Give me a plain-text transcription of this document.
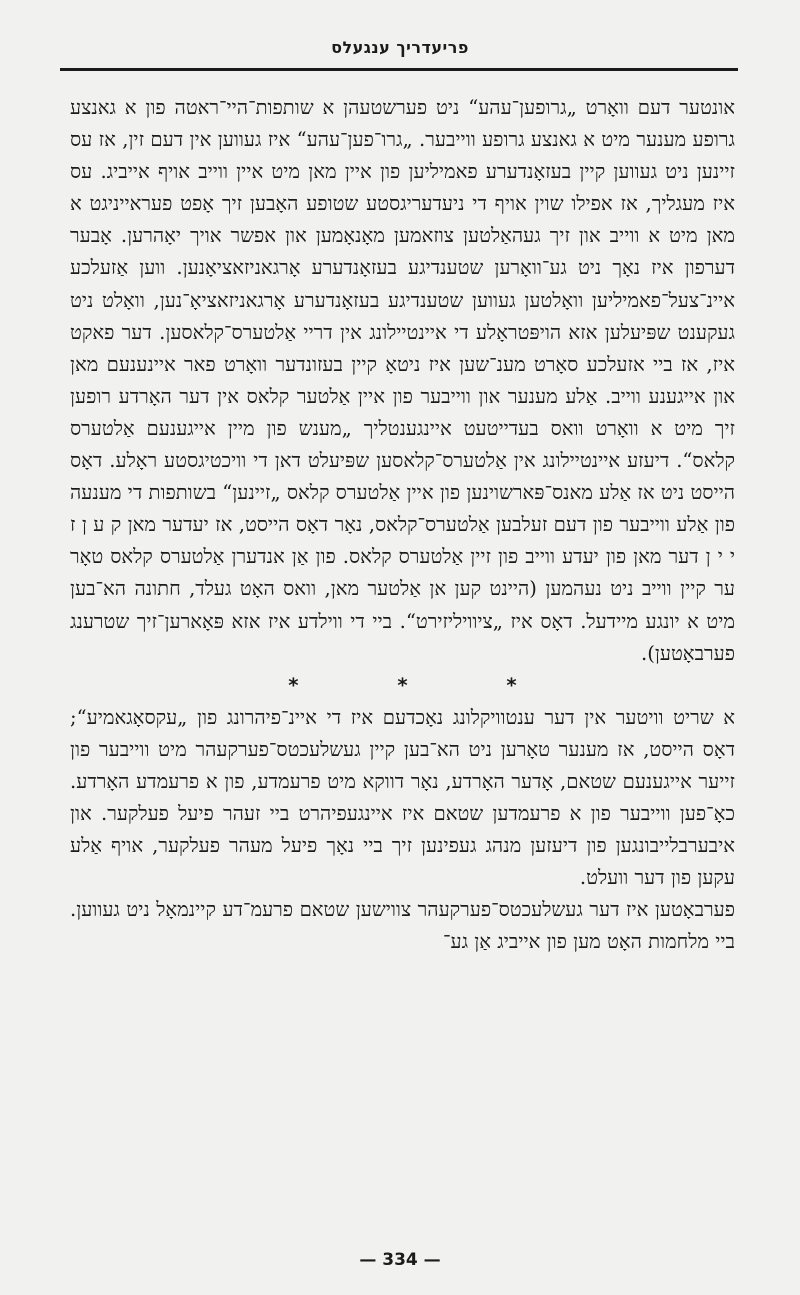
פריעדריך ענגעלס

אונטער דעם וואָרט „גרופען־עהע“ ניט פערשטעהן א שותפות־היי־ראטה פון א גאנצע גרופע מענער מיט א גאנצע גרופע ווייבער. „גרו־פען־עהע“ איז געווען אין דעם זין, אז עס זיינען ניט געווען קיין בעזאָנדערע פאמיליען פון איין מאן מיט איין ווייב אויף אייביג. עס איז מעגליך, אז אפילו שוין אויף די ניעדעריגסטע שטופע האָבען זיך אָפט פעראייניגט א מאן מיט א ווייב און זיך געהאַלטען צוזאמען מאָנאָמען און אפשר אויך יאָהרען. אָבער דערפון איז נאָך ניט גע־וואָרען שטענדיגע בעזאָנדערע אָרגאניזאציאָנען. ווען אַזעלכע איינ־צעל־פאמיליען וואָלטען געווען שטענדיגע בעזאָנדערע אָרגאניזאציאָ־נען, וואָלט ניט געקענט שפּיעלען אזא הויפּטראָלע די איינטיילונג אין דריי אַלטערס־קלאסען. דער פאקט איז, אז ביי אזעלכע סאָרט מענ־שען איז ניטאָ קיין בעזונדער וואָרט פאר איינענעם מאן און אייגענע ווייב. אַלע מענער און ווייבער פון איין אַלטער קלאס אין דער האָרדע רופען זיך מיט א וואָרט וואס בעדייטעט איינגענטליך „מענש פון מיין אייגענעם אַלטערס קלאס“. דיעזע איינטיילונג אין אַלטערס־קלאסען שפּיעלט דאן די וויכטיגסטע ראָלע. דאָס הייסט ניט אז אַלע מאנס־פּארשוינען פון איין אַלטערס קלאס „זיינען“ בשותפות די מענעה פון אַלע ווייבער פון דעם זעלבען אַלטערס־קלאס, נאָר דאָס הייסט, אז יעדער מאן ק ע ן ז י י ן דער מאן פון יעדע ווייב פון זיין אַלטערס קלאס. פון אַן אנדערן אַלטערס קלאס טאָר ער קיין ווייב ניט נעהמען (היינט קען אן אַלטער מאן, וואס האָט געלד, חתונה הא־בען מיט א יונגע מיידעל. דאָס איז „ציוויליזירט“. ביי די ווילדע איז אזא פּאָארען־זיך שטרענג פערבאָטען).

* * *

א שריט וויטער אין דער ענטוויקלונג נאָכדעם איז די איינ־פיהרונג פון „עקסאָגאמיע“; דאָס הייסט, אז מענער טאָרען ניט הא־בען קיין געשלעכטס־פערקעהר מיט ווייבער פון זייער אייגענעם שטאם, אָדער האָרדע, נאָר דווקא מיט פרעמדע, פון א פרעמדע האָרדע. כאָ־פען ווייבער פון א פרעמדען שטאם איז איינגעפיהרט ביי זעהר פיעל פעלקער. און איבערבלייבונגען פון דיעזען מנהג געפינען זיך ביי נאָך פיעל מעהר פעלקער, אויף אַלע עקען פון דער וועלט.

פערבאָטען איז דער געשלעכטס־פערקעהר צווישען שטאם פרעמ־דע קיינמאָל ניט געווען. ביי מלחמות האָט מען פון אייביג אַן גע־

— 334 —
